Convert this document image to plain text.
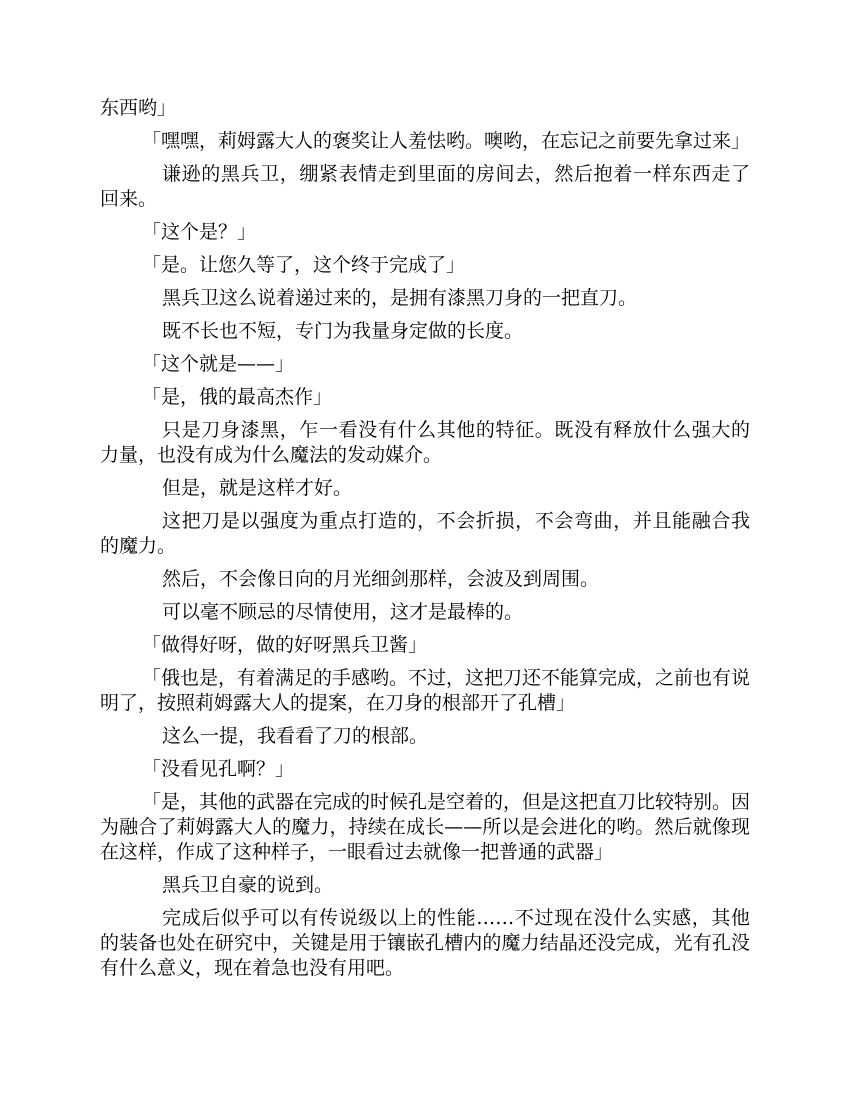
东西哟」

「嘿嘿，莉姆露大人的褒奖让人羞怯哟。噢哟，在忘记之前要先拿过来」

谦逊的黑兵卫，绷紧表情走到里面的房间去，然后抱着一样东西走了回来。

「这个是？」

「是。让您久等了，这个终于完成了」

黑兵卫这么说着递过来的，是拥有漆黑刀身的一把直刀。

既不长也不短，专门为我量身定做的长度。

「这个就是——」

「是，俄的最高杰作」

只是刀身漆黑，乍一看没有什么其他的特征。既没有释放什么强大的力量，也没有成为什么魔法的发动媒介。

但是，就是这样才好。

这把刀是以强度为重点打造的，不会折损，不会弯曲，并且能融合我的魔力。

然后，不会像日向的月光细剑那样，会波及到周围。

可以毫不顾忌的尽情使用，这才是最棒的。

「做得好呀，做的好呀黑兵卫酱」

「俄也是，有着满足的手感哟。不过，这把刀还不能算完成，之前也有说明了，按照莉姆露大人的提案，在刀身的根部开了孔槽」

这么一提，我看看了刀的根部。

「没看见孔啊？」

「是，其他的武器在完成的时候孔是空着的，但是这把直刀比较特别。因为融合了莉姆露大人的魔力，持续在成长——所以是会进化的哟。然后就像现在这样，作成了这种样子，一眼看过去就像一把普通的武器」

黑兵卫自豪的说到。

完成后似乎可以有传说级以上的性能……不过现在没什么实感，其他的装备也处在研究中，关键是用于镶嵌孔槽内的魔力结晶还没完成，光有孔没有什么意义，现在着急也没有用吧。
